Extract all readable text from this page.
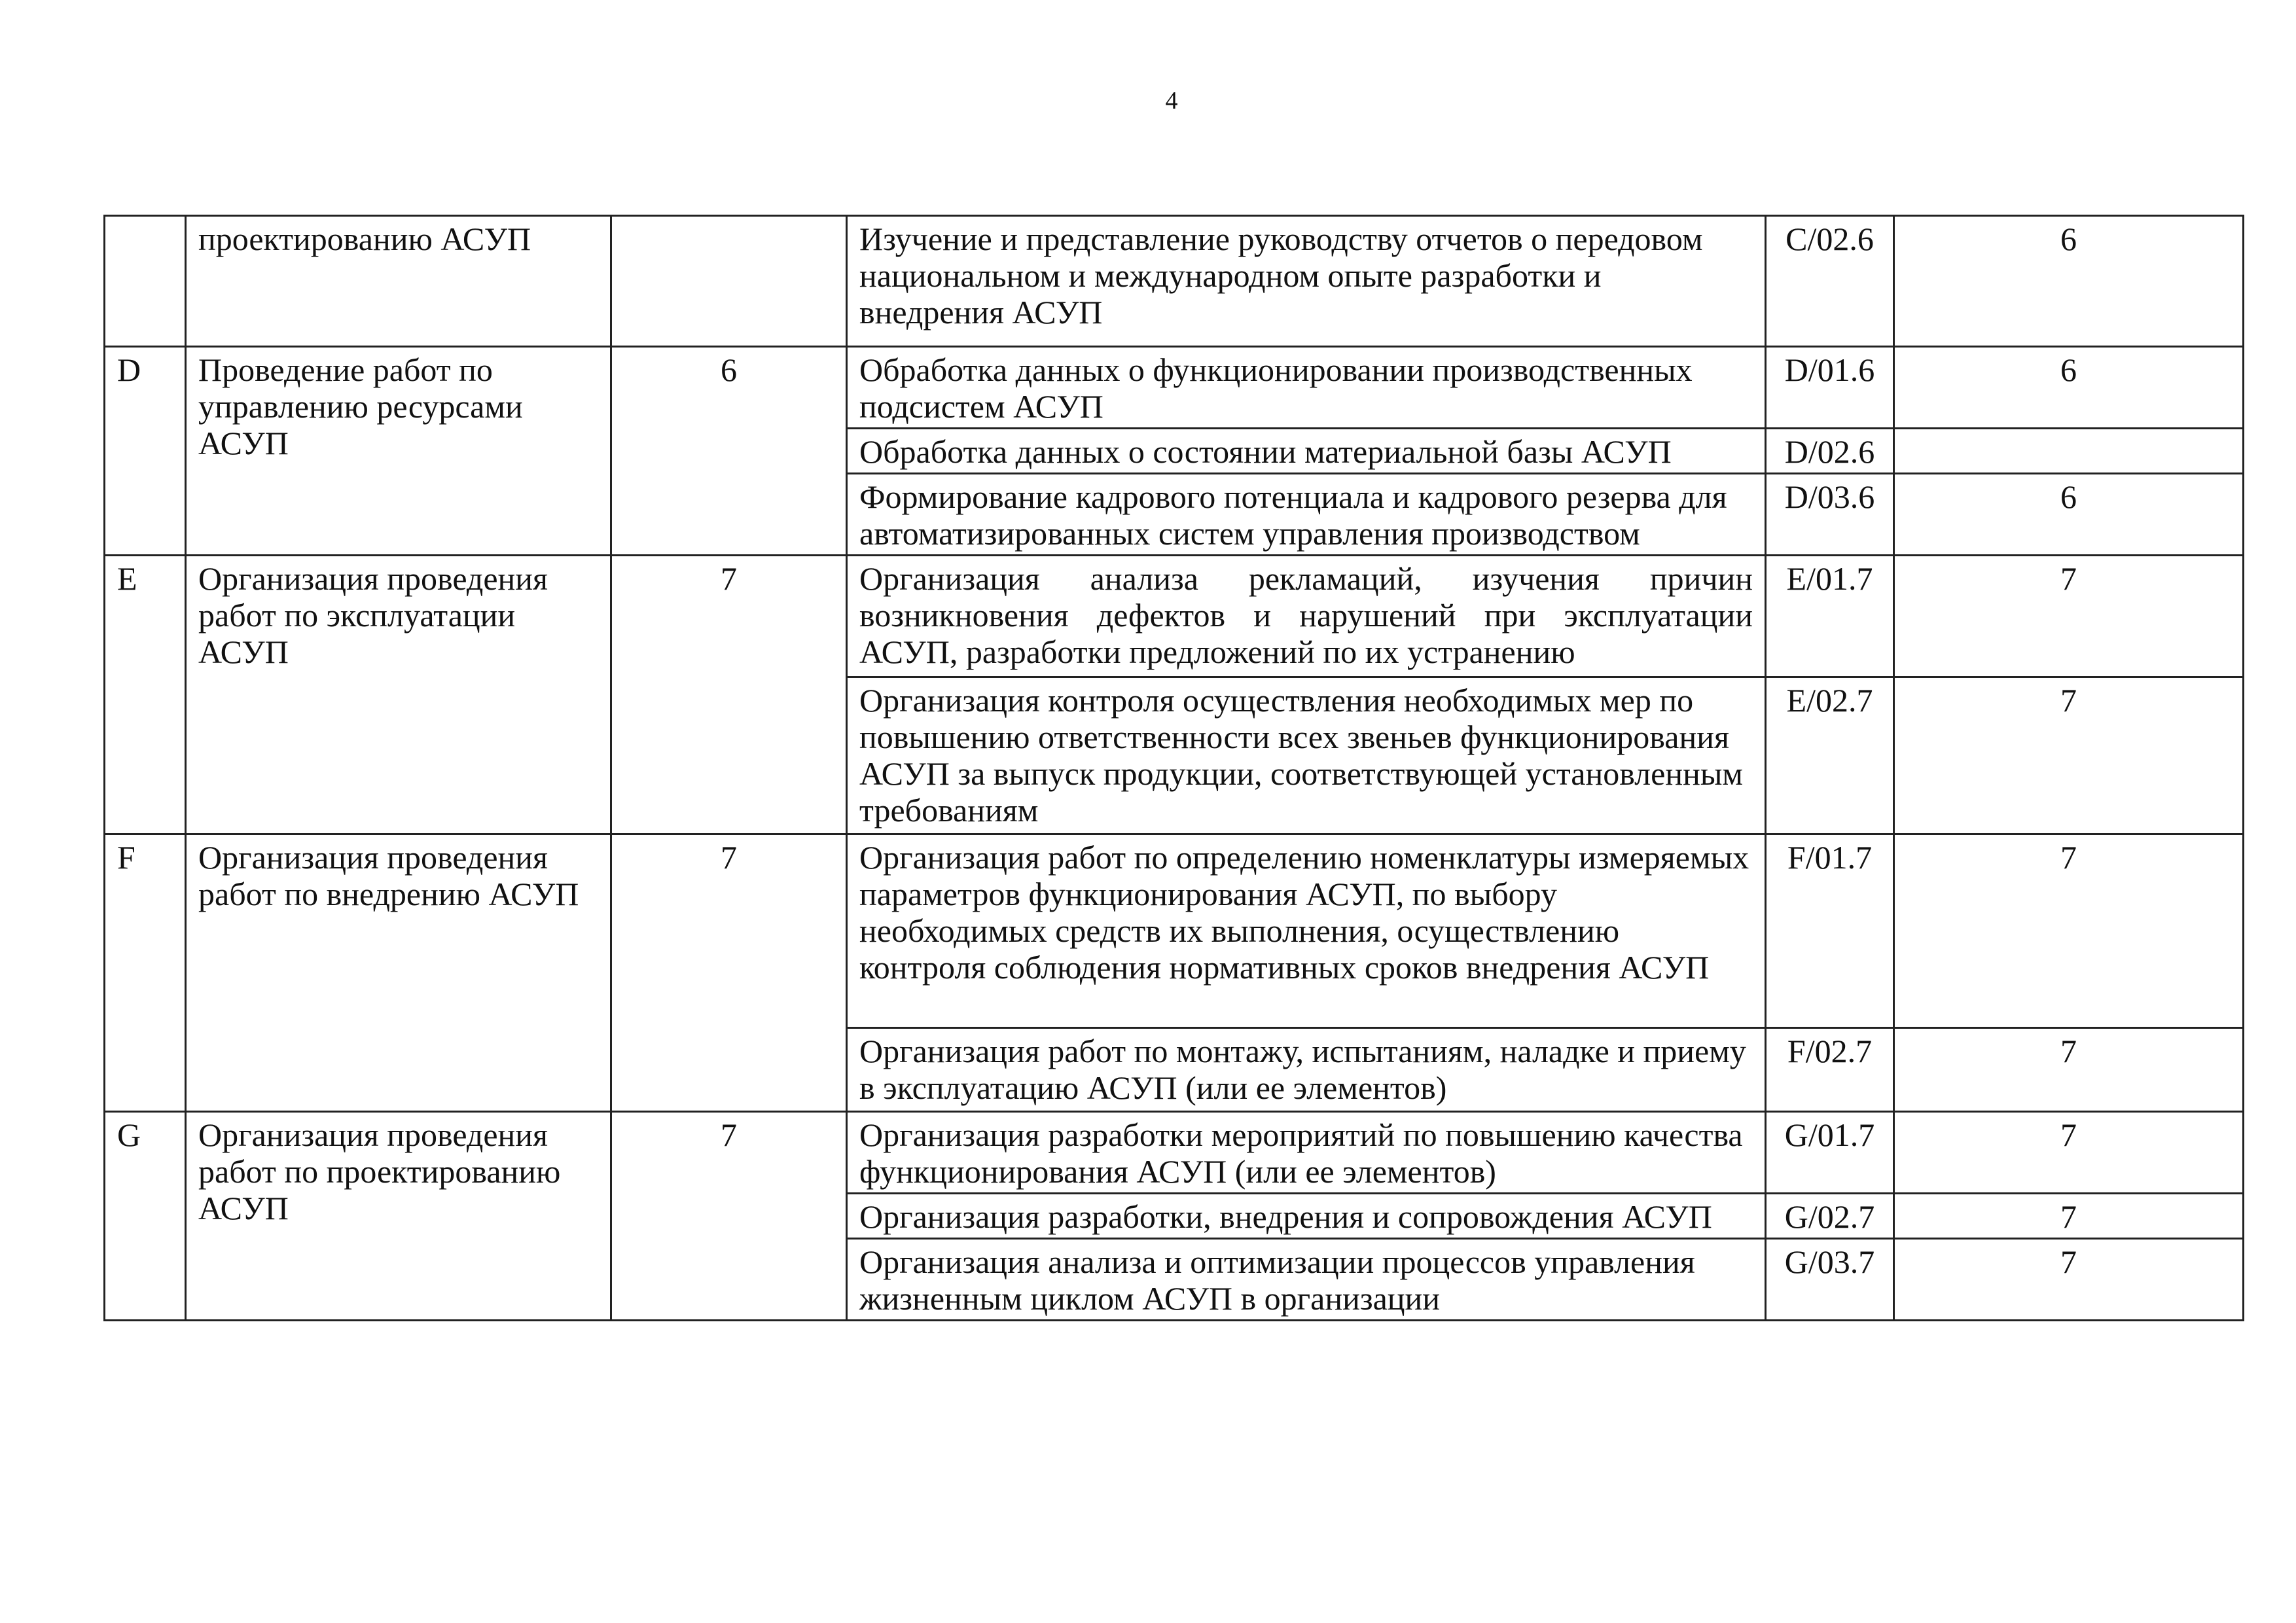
4
	проектированию АСУП		Изучение и представление руководству отчетов о передовом национальном и международном опыте разработки и внедрения АСУП	C/02.6	6
D	Проведение работ по управлению ресурсами АСУП	6	Обработка данных о функционировании производственных подсистем АСУП	D/01.6	6
			Обработка данных о состоянии материальной базы АСУП	D/02.6	
			Формирование кадрового потенциала и кадрового резерва для автоматизированных систем управления производством	D/03.6	6
E	Организация проведения работ по эксплуатации АСУП	7	Организация анализа рекламаций, изучения причин возникновения дефектов и нарушений при эксплуатации АСУП, разработки предложений по их устранению	E/01.7	7
			Организация контроля осуществления необходимых мер по повышению ответственности всех звеньев функционирования АСУП за выпуск продукции, соответствующей установленным требованиям	E/02.7	7
F	Организация проведения работ по внедрению АСУП	7	Организация работ по определению номенклатуры измеряемых параметров функционирования АСУП, по выбору необходимых средств их выполнения, осуществлению контроля соблюдения нормативных сроков внедрения АСУП	F/01.7	7
			Организация работ по монтажу, испытаниям, наладке и приему в эксплуатацию АСУП (или ее элементов)	F/02.7	7
G	Организация проведения работ по проектированию АСУП	7	Организация разработки мероприятий по повышению качества функционирования АСУП (или ее элементов)	G/01.7	7
			Организация разработки, внедрения и сопровождения АСУП	G/02.7	7
			Организация анализа и оптимизации процессов управления жизненным циклом АСУП в организации	G/03.7	7
